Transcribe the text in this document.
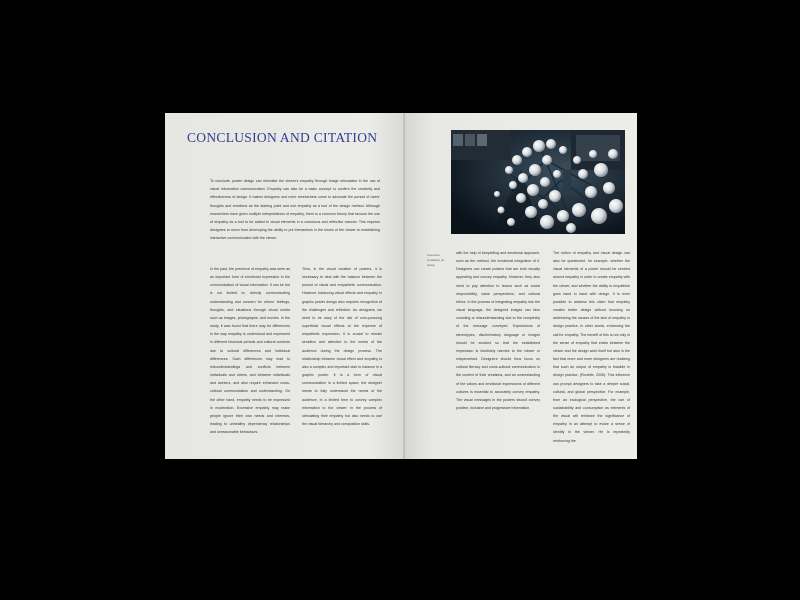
CONCLUSION AND CITATION
To conclude, poster design can stimulate the viewer's empathy through image stimulation in the use of visual information communication. Empathy can also be a basic concept to confirm the creativity and effectiveness of design. It makes designers and more researchers come to advocate the pursuit of users' thoughts and emotions as the starting point and use empathy as a tool of the design method. Although researchers have given multiple interpretations of empathy, there is a common theory that favours the use of empathy as a tool to be added to visual elements in a conscious and reflective manner. This requires designers to move from developing the ability to put themselves in the shoes of the viewer to establishing interactive communication with the viewer.
In the past, the presence of empathy was seen as an important form of emotional expression in the communication of visual information. It can be but is not limited to, directly communicating understanding and concern for others' feelings, thoughts, and situations through visual media such as images, photographs, and movies. In the study, it was found that there may be differences in the way empathy is understood and expressed in different historical periods and cultural contexts due to cultural differences and individual differences. Such differences may lead to misunderstandings and conflicts between individuals and others, and between individuals and workers, and also require enhanced cross-cultural communication and understanding. On the other hand, empathy needs to be expressed in moderation. Excessive empathy may make people ignore their own needs and interests, leading to unhealthy dependency relationships and unreasonable behaviours.
Thus, in the visual creation of posters, it is necessary to deal with the balance between the pursuit of visual and empathetic communication. However, balancing visual effects and empathy in graphic poster design also requires recognition of the challenges and reflection. As designers, we need to be wary of the risk of over-pursuing superficial visual effects at the expense of empathetic expression. It is crucial to remain sensitive and attentive to the needs of the audience during the design process. The relationship between visual effect and empathy is also a complex and important task to balance in a graphic poster. It is a form of visual communication in a limited space, the designer needs to fully understand the needs of the audience, in a limited time to convey complex information to the viewer; in the process of stimulating their empathy but also needs to use the visual hierarchy and composition skills.
· · · · ·
Interactive installation art design
with the help of storytelling and emotional approach, such as the method, the emotional integration of it. Designers can create posters that are both visually appealing and convey empathy. However, they also need to pay attention to issues such as social responsibility, value perspectives, and cultural ethics. In the process of integrating empathy into the visual language, the designed images can face crowding or misunderstanding due to the complexity of the message conveyed. Expressions of stereotypes, discriminatory language or images should be avoided so that the established impression is intuitively harmful to the viewer or misperceived. Designers should thus focus on cultural literacy and cross-cultural communication in the context of their creations, and an understanding of the values and emotional expressions of different cultures is essential to accurately convey empathy. The visual messages in the posters should convey positive, inclusive and progressive information.
The notion of empathy and visual design can also be questioned, for example, whether the visual elements of a poster should be centred around empathy in order to create empathy with the viewer, and whether the ability to empathise goes hand in hand with design. It is even possible to address this claim that empathy creates better design without focusing on addressing the causes of the lack of empathy in design practice, in other words, enhancing the call for empathy. The benefit of this is not only in the sense of empathy that exists between the viewer and the design work itself but also in the fact that more and more designers are realizing that such an output of empathy is feasible in design practice. (Ronette, 2006). This influence can prompt designers to take a deeper social, cultural, and global perspective. For example, from an ecological perspective, the use of sustainability and consumption as elements of the visual will reinforce the significance of empathy in an attempt to evoke a sense of identity in the viewer. He is repeatedly reinforcing the
· · · · ·
